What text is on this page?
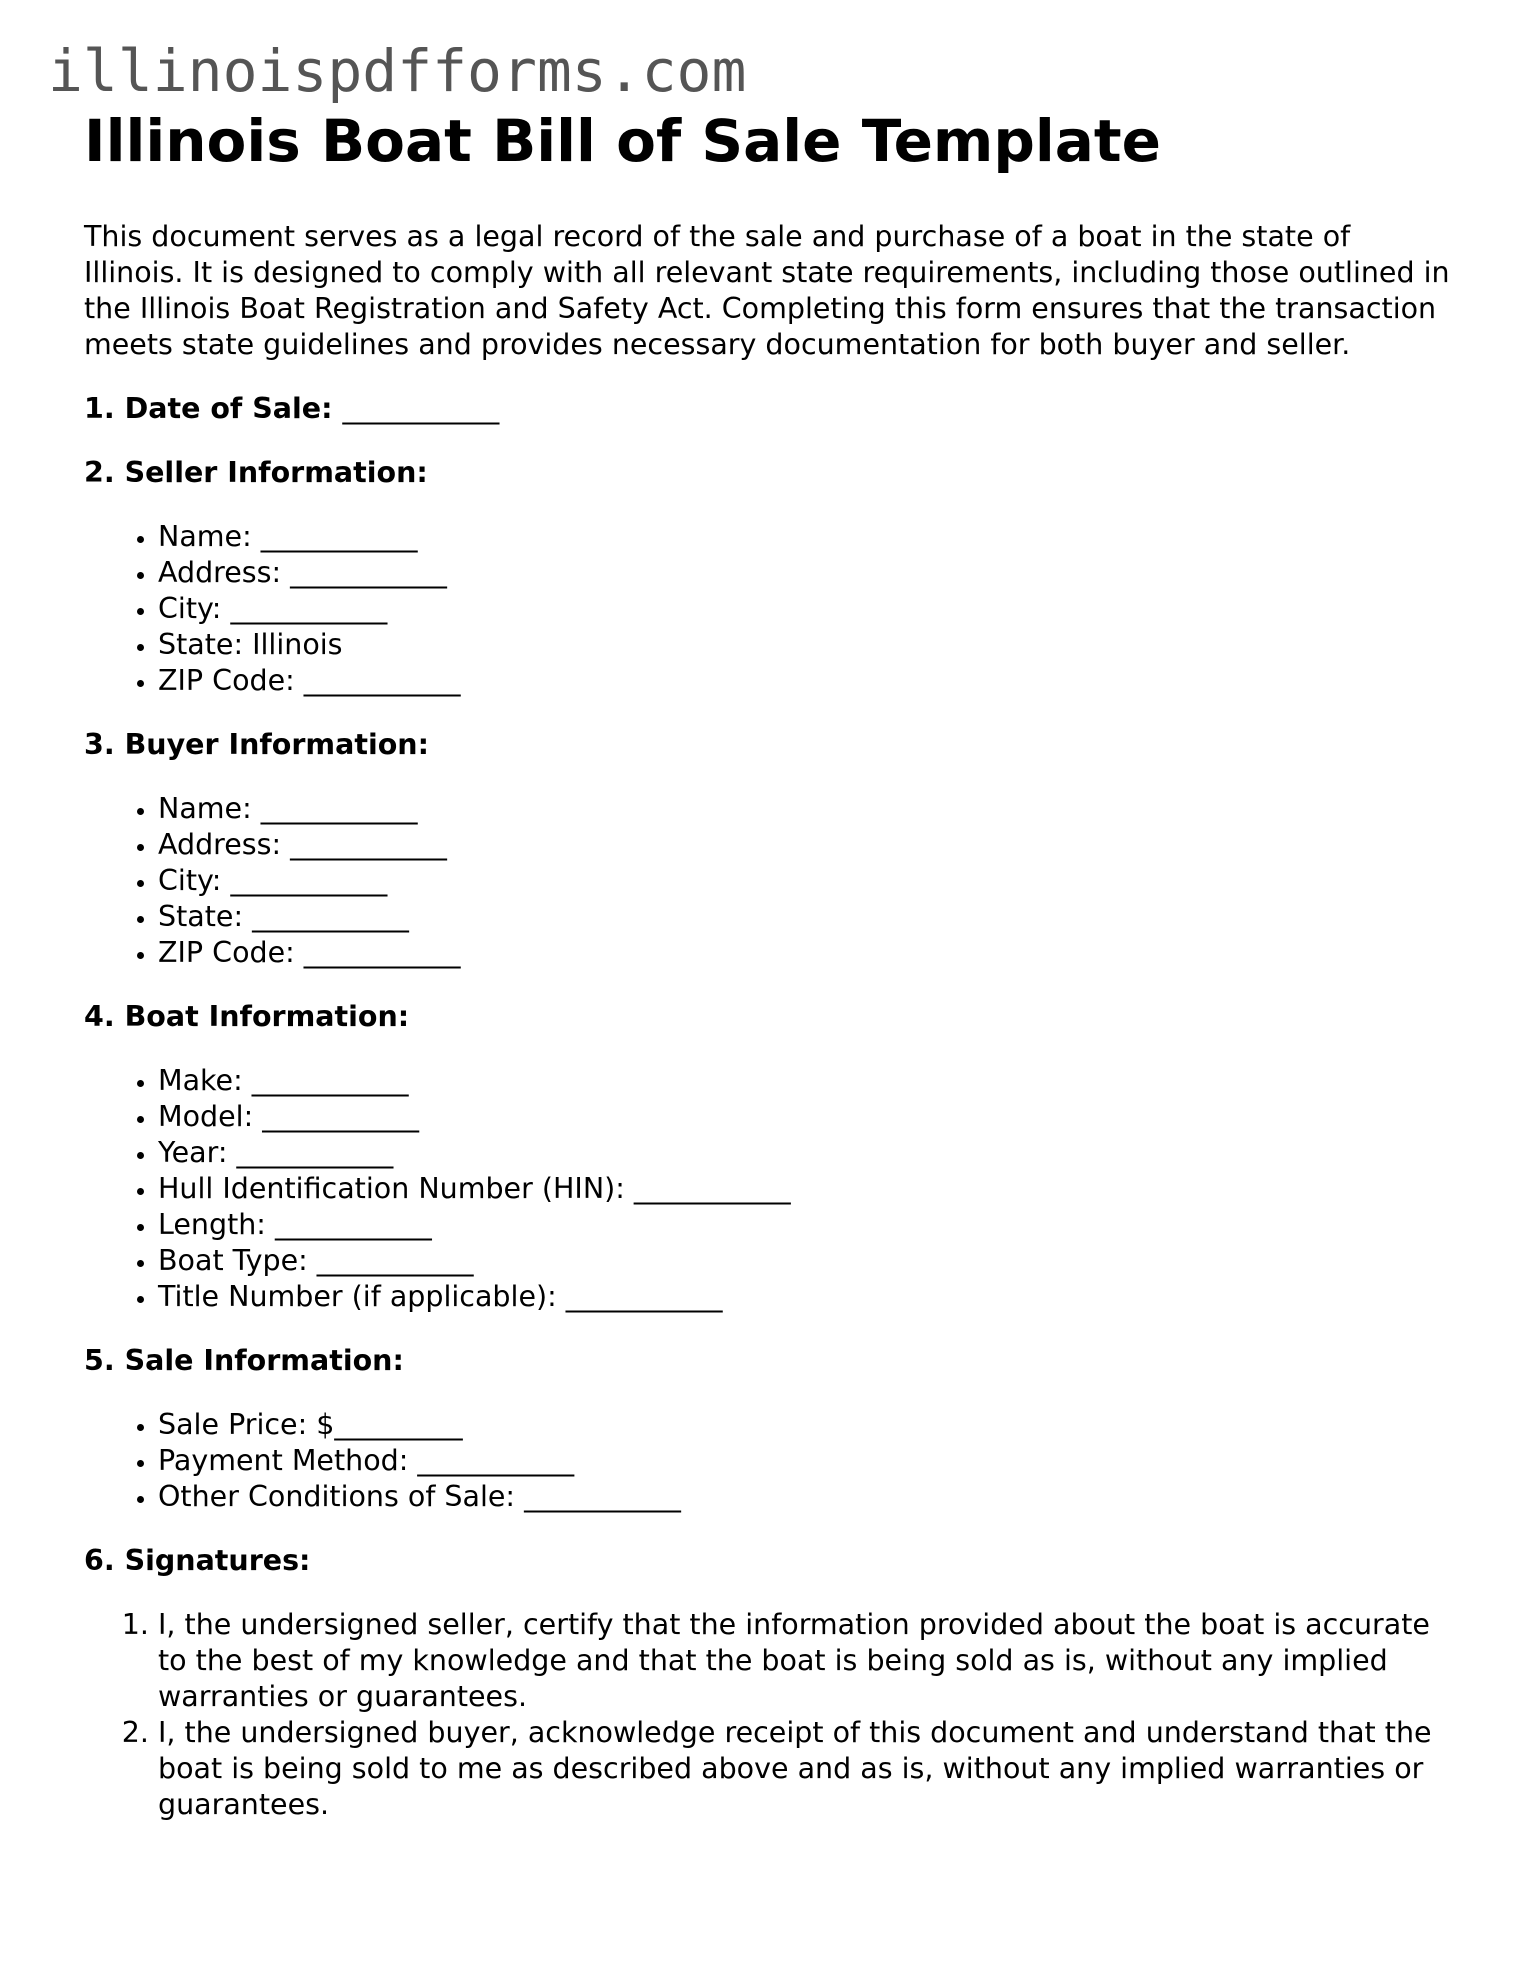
illinoispdfforms.com
Illinois Boat Bill of Sale Template

This document serves as a legal record of the sale and purchase of a boat in the state of Illinois. It is designed to comply with all relevant state requirements, including those outlined in the Illinois Boat Registration and Safety Act. Completing this form ensures that the transaction meets state guidelines and provides necessary documentation for both buyer and seller.

1. Date of Sale: ___________
2. Seller Information:
• Name: ___________
• Address: ___________
• City: ___________
• State: Illinois
• ZIP Code: ___________
3. Buyer Information:
• Name: ___________
• Address: ___________
• City: ___________
• State: ___________
• ZIP Code: ___________
4. Boat Information:
• Make: ___________
• Model: ___________
• Year: ___________
• Hull Identification Number (HIN): ___________
• Length: ___________
• Boat Type: ___________
• Title Number (if applicable): ___________
5. Sale Information:
• Sale Price: $_________
• Payment Method: ___________
• Other Conditions of Sale: ___________
6. Signatures:
1. I, the undersigned seller, certify that the information provided about the boat is accurate to the best of my knowledge and that the boat is being sold as is, without any implied warranties or guarantees.
2. I, the undersigned buyer, acknowledge receipt of this document and understand that the boat is being sold to me as described above and as is, without any implied warranties or guarantees.
